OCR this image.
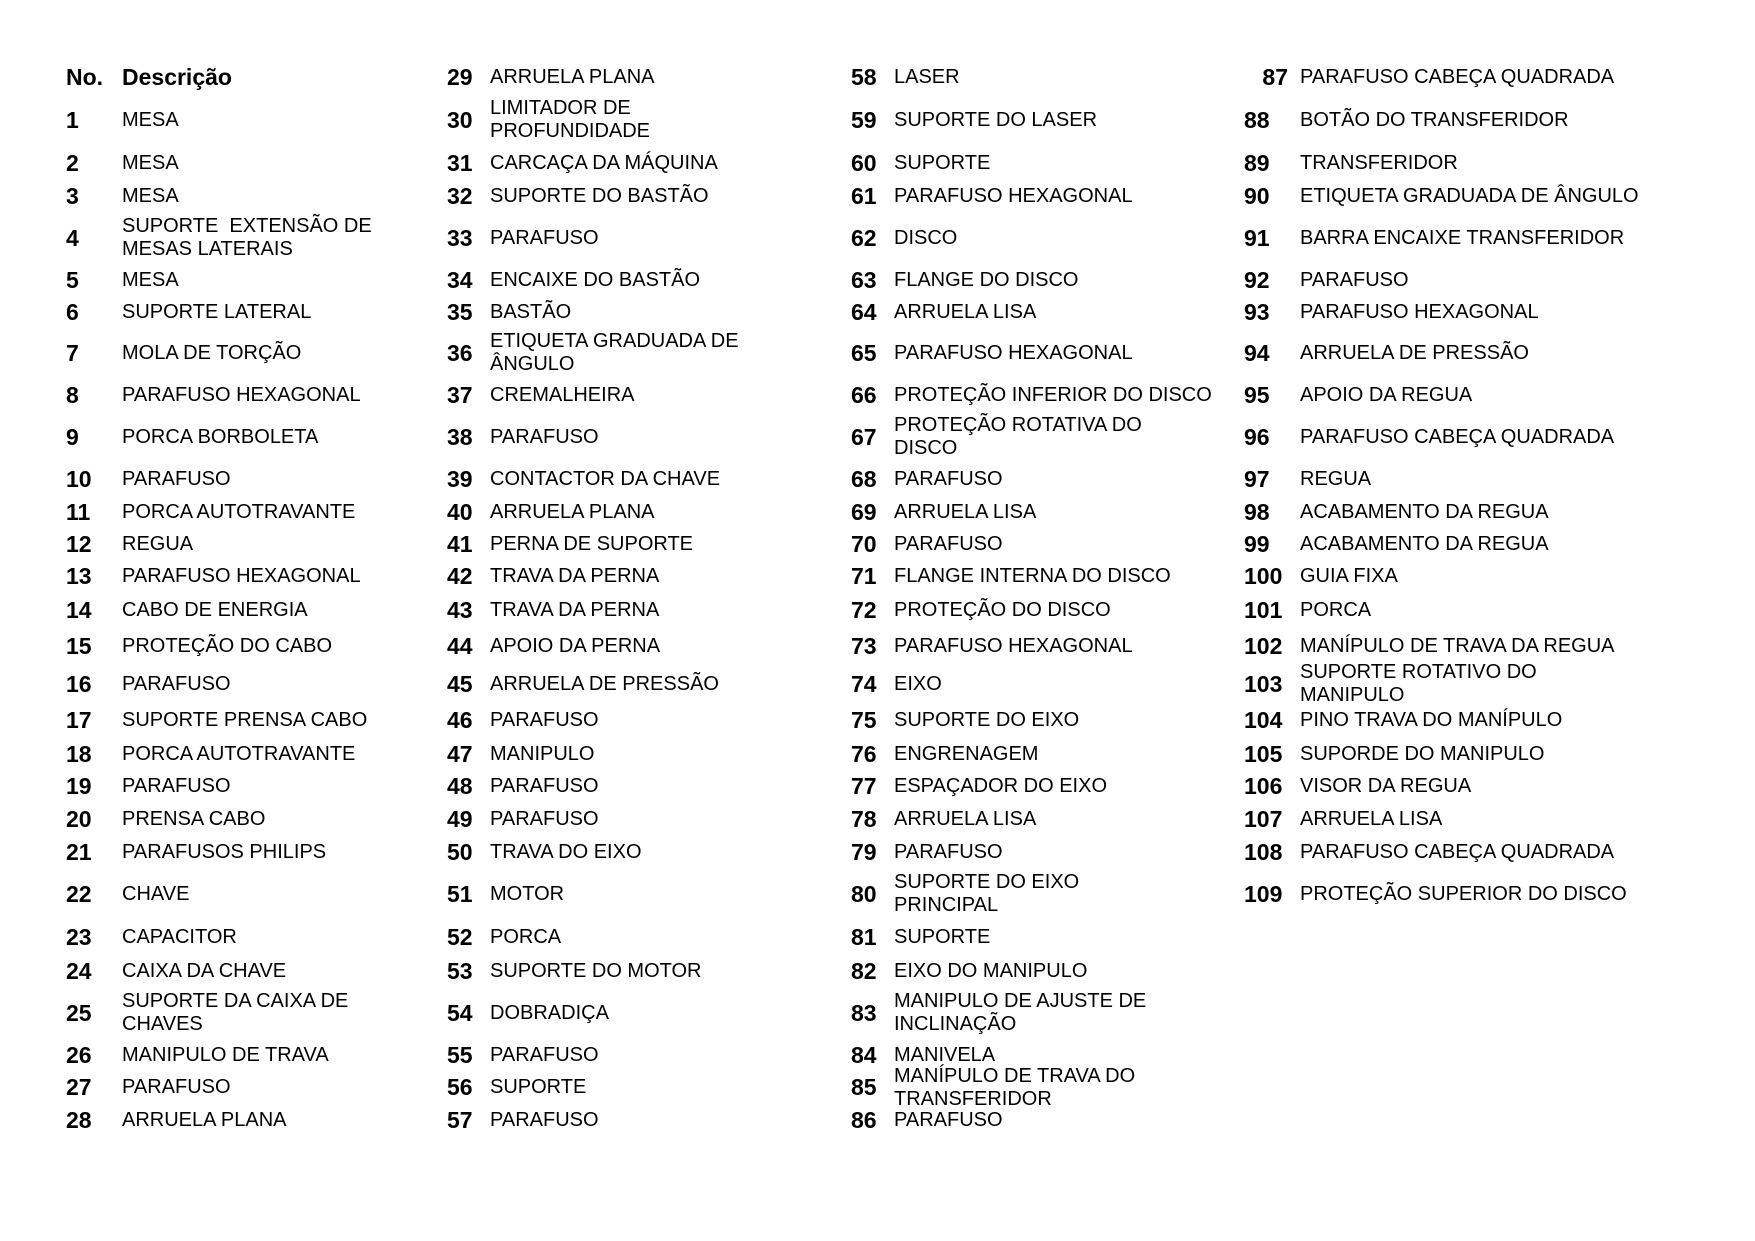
No. Descrição
1	MESA
2	MESA
3	MESA
4	SUPORTE  EXTENSÃO DE
MESAS LATERAIS
5	MESA
6	SUPORTE LATERAL
7	MOLA DE TORÇÃO
8	PARAFUSO HEXAGONAL
9	PORCA BORBOLETA
10	PARAFUSO
11	PORCA AUTOTRAVANTE
12	REGUA
13	PARAFUSO HEXAGONAL
14	CABO DE ENERGIA
15	PROTEÇÃO DO CABO
16	PARAFUSO
17	SUPORTE PRENSA CABO
18	PORCA AUTOTRAVANTE
19	PARAFUSO
20	PRENSA CABO
21	PARAFUSOS PHILIPS
22	CHAVE
23	CAPACITOR
24	CAIXA DA CHAVE
25	SUPORTE DA CAIXA DE
CHAVES
26	MANIPULO DE TRAVA
27	PARAFUSO
28	ARRUELA PLANA
29 ARRUELA PLANA
30 LIMITADOR DE
PROFUNDIDADE
31 CARCAÇA DA MÁQUINA
32 SUPORTE DO BASTÃO
33 PARAFUSO
34 ENCAIXE DO BASTÃO
35 BASTÃO
36 ETIQUETA GRADUADA DE
ÂNGULO
37 CREMALHEIRA
38 PARAFUSO
39 CONTACTOR DA CHAVE
40 ARRUELA PLANA
41 PERNA DE SUPORTE
42 TRAVA DA PERNA
43 TRAVA DA PERNA
44 APOIO DA PERNA
45 ARRUELA DE PRESSÃO
46 PARAFUSO
47 MANIPULO
48 PARAFUSO
49 PARAFUSO
50 TRAVA DO EIXO
51 MOTOR
52 PORCA
53 SUPORTE DO MOTOR
54 DOBRADIÇA
55 PARAFUSO
56 SUPORTE
57 PARAFUSO
58 LASER
59 SUPORTE DO LASER
60 SUPORTE
61 PARAFUSO HEXAGONAL
62 DISCO
63 FLANGE DO DISCO
64 ARRUELA LISA
65 PARAFUSO HEXAGONAL
66 PROTEÇÃO INFERIOR DO DISCO
67 PROTEÇÃO ROTATIVA DO
DISCO
68 PARAFUSO
69 ARRUELA LISA
70 PARAFUSO
71 FLANGE INTERNA DO DISCO
72 PROTEÇÃO DO DISCO
73 PARAFUSO HEXAGONAL
74 EIXO
75 SUPORTE DO EIXO
76 ENGRENAGEM
77 ESPAÇADOR DO EIXO
78 ARRUELA LISA
79 PARAFUSO
80 SUPORTE DO EIXO
PRINCIPAL
81 SUPORTE
82 EIXO DO MANIPULO
83 MANIPULO DE AJUSTE DE
INCLINAÇÃO
84 MANIVELA
85 MANÍPULO DE TRAVA DO TRANSFERIDOR
86 PARAFUSO
87 PARAFUSO CABEÇA QUADRADA
88	BOTÃO DO TRANSFERIDOR
89	TRANSFERIDOR
90	ETIQUETA GRADUADA DE ÂNGULO
91	BARRA ENCAIXE TRANSFERIDOR
92	PARAFUSO
93	PARAFUSO HEXAGONAL
94	ARRUELA DE PRESSÃO
95	APOIO DA REGUA
96	PARAFUSO CABEÇA QUADRADA
97	REGUA
98	ACABAMENTO DA REGUA
99	ACABAMENTO DA REGUA
100 GUIA FIXA
101 PORCA
102 MANÍPULO DE TRAVA DA REGUA
103 SUPORTE ROTATIVO DO
MANIPULO
104 PINO TRAVA DO MANÍPULO
105 SUPORDE DO MANIPULO
106 VISOR DA REGUA
107 ARRUELA LISA
108 PARAFUSO CABEÇA QUADRADA
109 PROTEÇÃO SUPERIOR DO DISCO
